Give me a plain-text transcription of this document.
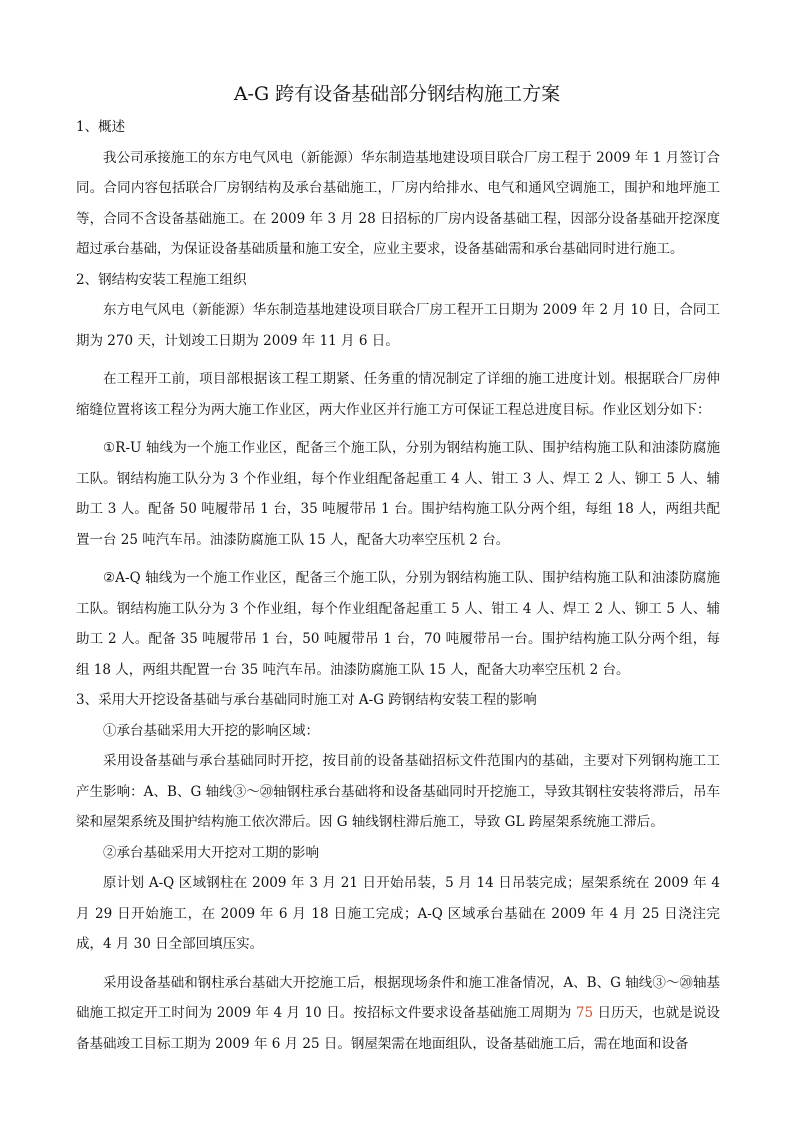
A-G 跨有设备基础部分钢结构施工方案

1、概述

我公司承接施工的东方电气风电（新能源）华东制造基地建设项目联合厂房工程于 2009 年 1 月签订合同。合同内容包括联合厂房钢结构及承台基础施工，厂房内给排水、电气和通风空调施工，围护和地坪施工等，合同不含设备基础施工。在 2009 年 3 月 28 日招标的厂房内设备基础工程，因部分设备基础开挖深度超过承台基础，为保证设备基础质量和施工安全，应业主要求，设备基础需和承台基础同时进行施工。

2、钢结构安装工程施工组织

东方电气风电（新能源）华东制造基地建设项目联合厂房工程开工日期为 2009 年 2 月 10 日，合同工期为 270 天，计划竣工日期为 2009 年 11 月 6 日。

在工程开工前，项目部根据该工程工期紧、任务重的情况制定了详细的施工进度计划。根据联合厂房伸缩缝位置将该工程分为两大施工作业区，两大作业区并行施工方可保证工程总进度目标。作业区划分如下：

①R-U 轴线为一个施工作业区，配备三个施工队，分别为钢结构施工队、围护结构施工队和油漆防腐施工队。钢结构施工队分为 3 个作业组，每个作业组配备起重工 4 人、钳工 3 人、焊工 2 人、铆工 5 人、辅助工 3 人。配备 50 吨履带吊 1 台，35 吨履带吊 1 台。围护结构施工队分两个组，每组 18 人，两组共配置一台 25 吨汽车吊。油漆防腐施工队 15 人，配备大功率空压机 2 台。

②A-Q 轴线为一个施工作业区，配备三个施工队，分别为钢结构施工队、围护结构施工队和油漆防腐施工队。钢结构施工队分为 3 个作业组，每个作业组配备起重工 5 人、钳工 4 人、焊工 2 人、铆工 5 人、辅助工 2 人。配备 35 吨履带吊 1 台，50 吨履带吊 1 台，70 吨履带吊一台。围护结构施工队分两个组，每组 18 人，两组共配置一台 35 吨汽车吊。油漆防腐施工队 15 人，配备大功率空压机 2 台。

3、采用大开挖设备基础与承台基础同时施工对 A-G 跨钢结构安装工程的影响

①承台基础采用大开挖的影响区域：

采用设备基础与承台基础同时开挖，按目前的设备基础招标文件范围内的基础，主要对下列钢构施工工产生影响：A、B、G 轴线③～⑳轴钢柱承台基础将和设备基础同时开挖施工，导致其钢柱安装将滞后，吊车梁和屋架系统及围护结构施工依次滞后。因 G 轴线钢柱滞后施工，导致 GL 跨屋架系统施工滞后。

②承台基础采用大开挖对工期的影响

原计划 A-Q 区域钢柱在 2009 年 3 月 21 日开始吊装，5 月 14 日吊装完成；屋架系统在 2009 年 4 月 29 日开始施工，在 2009 年 6 月 18 日施工完成；A-Q 区域承台基础在 2009 年 4 月 25 日浇注完成，4 月 30 日全部回填压实。

采用设备基础和钢柱承台基础大开挖施工后，根据现场条件和施工准备情况，A、B、G 轴线③～⑳轴基础施工拟定开工时间为 2009 年 4 月 10 日。按招标文件要求设备基础施工周期为 75 日历天，也就是说设备基础竣工目标工期为 2009 年 6 月 25 日。钢屋架需在地面组队，设备基础施工后，需在地面和设备
